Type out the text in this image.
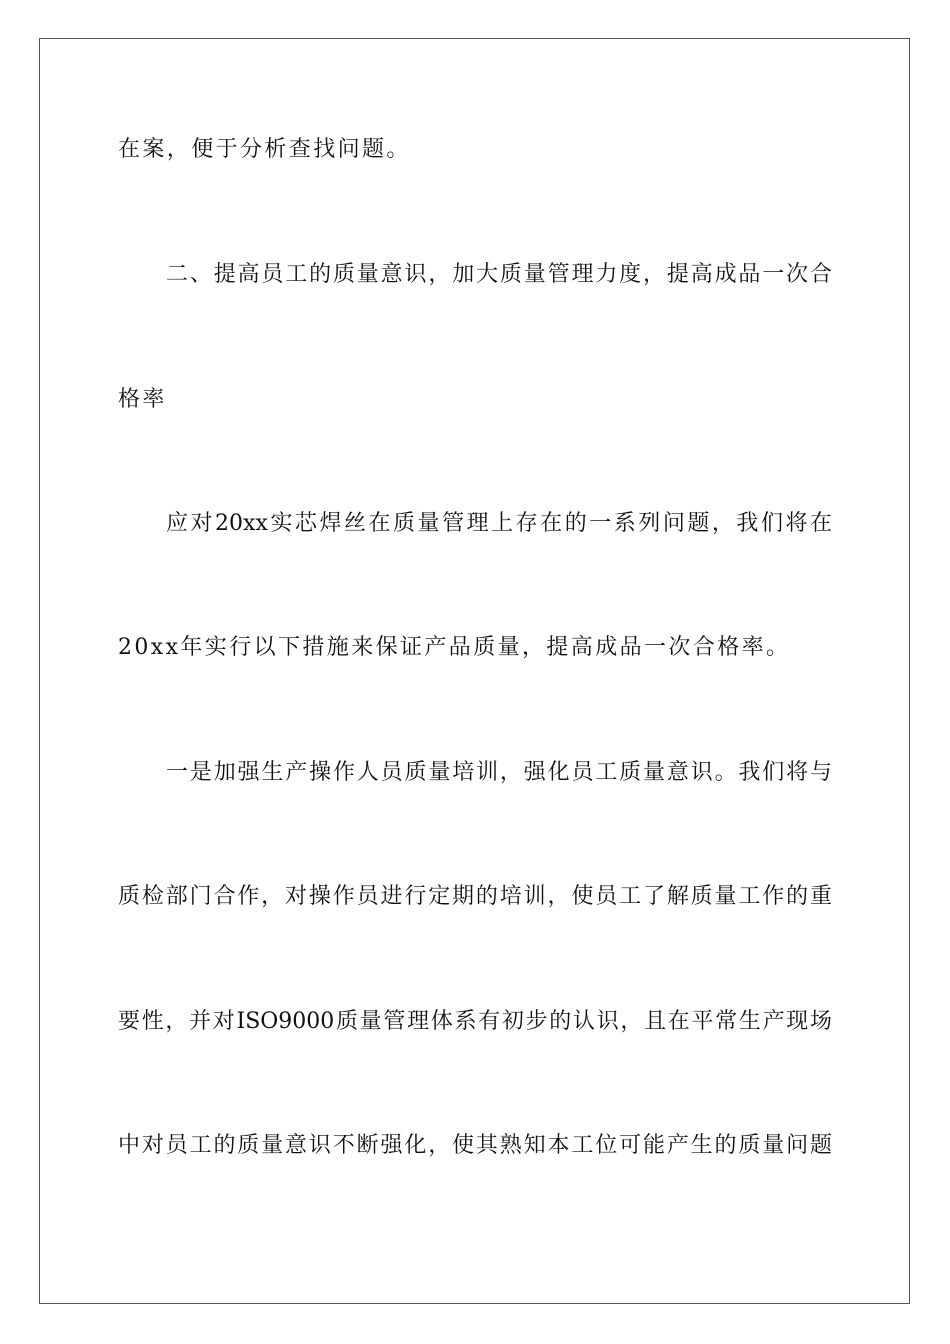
在案，便于分析查找问题。
二、提高员工的质量意识，加大质量管理力度，提高成品一次合
格率
应对20xx实芯焊丝在质量管理上存在的一系列问题，我们将在
20xx年实行以下措施来保证产品质量，提高成品一次合格率。
一是加强生产操作人员质量培训，强化员工质量意识。我们将与
质检部门合作，对操作员进行定期的培训，使员工了解质量工作的重
要性，并对ISO9000质量管理体系有初步的认识，且在平常生产现场
中对员工的质量意识不断强化，使其熟知本工位可能产生的质量问题
